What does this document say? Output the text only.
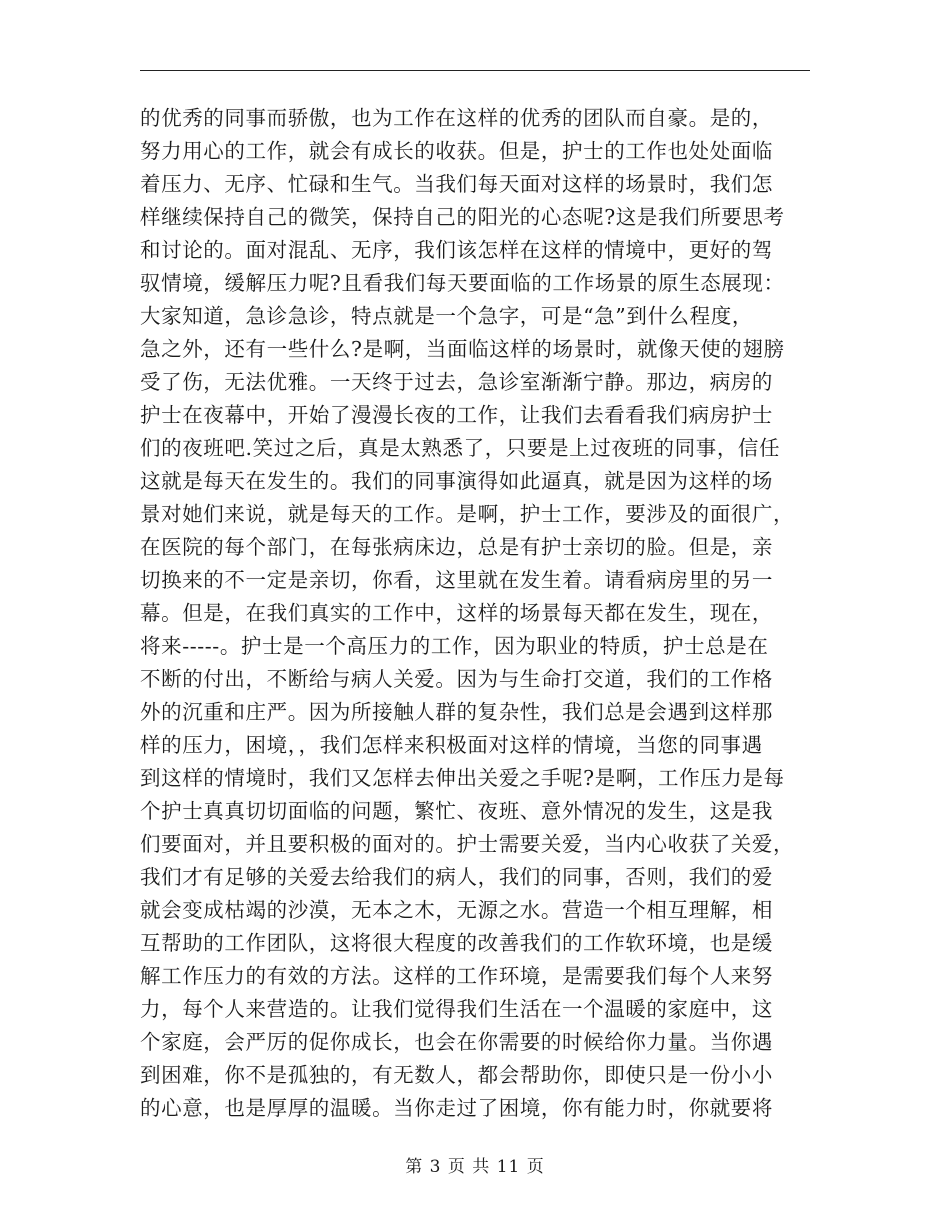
的优秀的同事而骄傲，也为工作在这样的优秀的团队而自豪。是的，
努力用心的工作，就会有成长的收获。但是，护士的工作也处处面临
着压力、无序、忙碌和生气。当我们每天面对这样的场景时，我们怎
样继续保持自己的微笑，保持自己的阳光的心态呢?这是我们所要思考
和讨论的。面对混乱、无序，我们该怎样在这样的情境中，更好的驾
驭情境，缓解压力呢?且看我们每天要面临的工作场景的原生态展现：
大家知道，急诊急诊，特点就是一个急字，可是“急”到什么程度，
急之外，还有一些什么?是啊，当面临这样的场景时，就像天使的翅膀
受了伤，无法优雅。一天终于过去，急诊室渐渐宁静。那边，病房的
护士在夜幕中，开始了漫漫长夜的工作，让我们去看看我们病房护士
们的夜班吧.笑过之后，真是太熟悉了，只要是上过夜班的同事，信任
这就是每天在发生的。我们的同事演得如此逼真，就是因为这样的场
景对她们来说，就是每天的工作。是啊，护士工作，要涉及的面很广，
在医院的每个部门，在每张病床边，总是有护士亲切的脸。但是，亲
切换来的不一定是亲切，你看，这里就在发生着。请看病房里的另一
幕。但是，在我们真实的工作中，这样的场景每天都在发生，现在，
将来-----。护士是一个高压力的工作，因为职业的特质，护士总是在
不断的付出，不断给与病人关爱。因为与生命打交道，我们的工作格
外的沉重和庄严。因为所接触人群的复杂性，我们总是会遇到这样那
样的压力，困境，，我们怎样来积极面对这样的情境，当您的同事遇
到这样的情境时，我们又怎样去伸出关爱之手呢?是啊，工作压力是每
个护士真真切切面临的问题，繁忙、夜班、意外情况的发生，这是我
们要面对，并且要积极的面对的。护士需要关爱，当内心收获了关爱，
我们才有足够的关爱去给我们的病人，我们的同事，否则，我们的爱
就会变成枯竭的沙漠，无本之木，无源之水。营造一个相互理解，相
互帮助的工作团队，这将很大程度的改善我们的工作软环境，也是缓
解工作压力的有效的方法。这样的工作环境，是需要我们每个人来努
力，每个人来营造的。让我们觉得我们生活在一个温暖的家庭中，这
个家庭，会严厉的促你成长，也会在你需要的时候给你力量。当你遇
到困难，你不是孤独的，有无数人，都会帮助你，即使只是一份小小
的心意，也是厚厚的温暖。当你走过了困境，你有能力时，你就要将
第 3 页 共 11 页
